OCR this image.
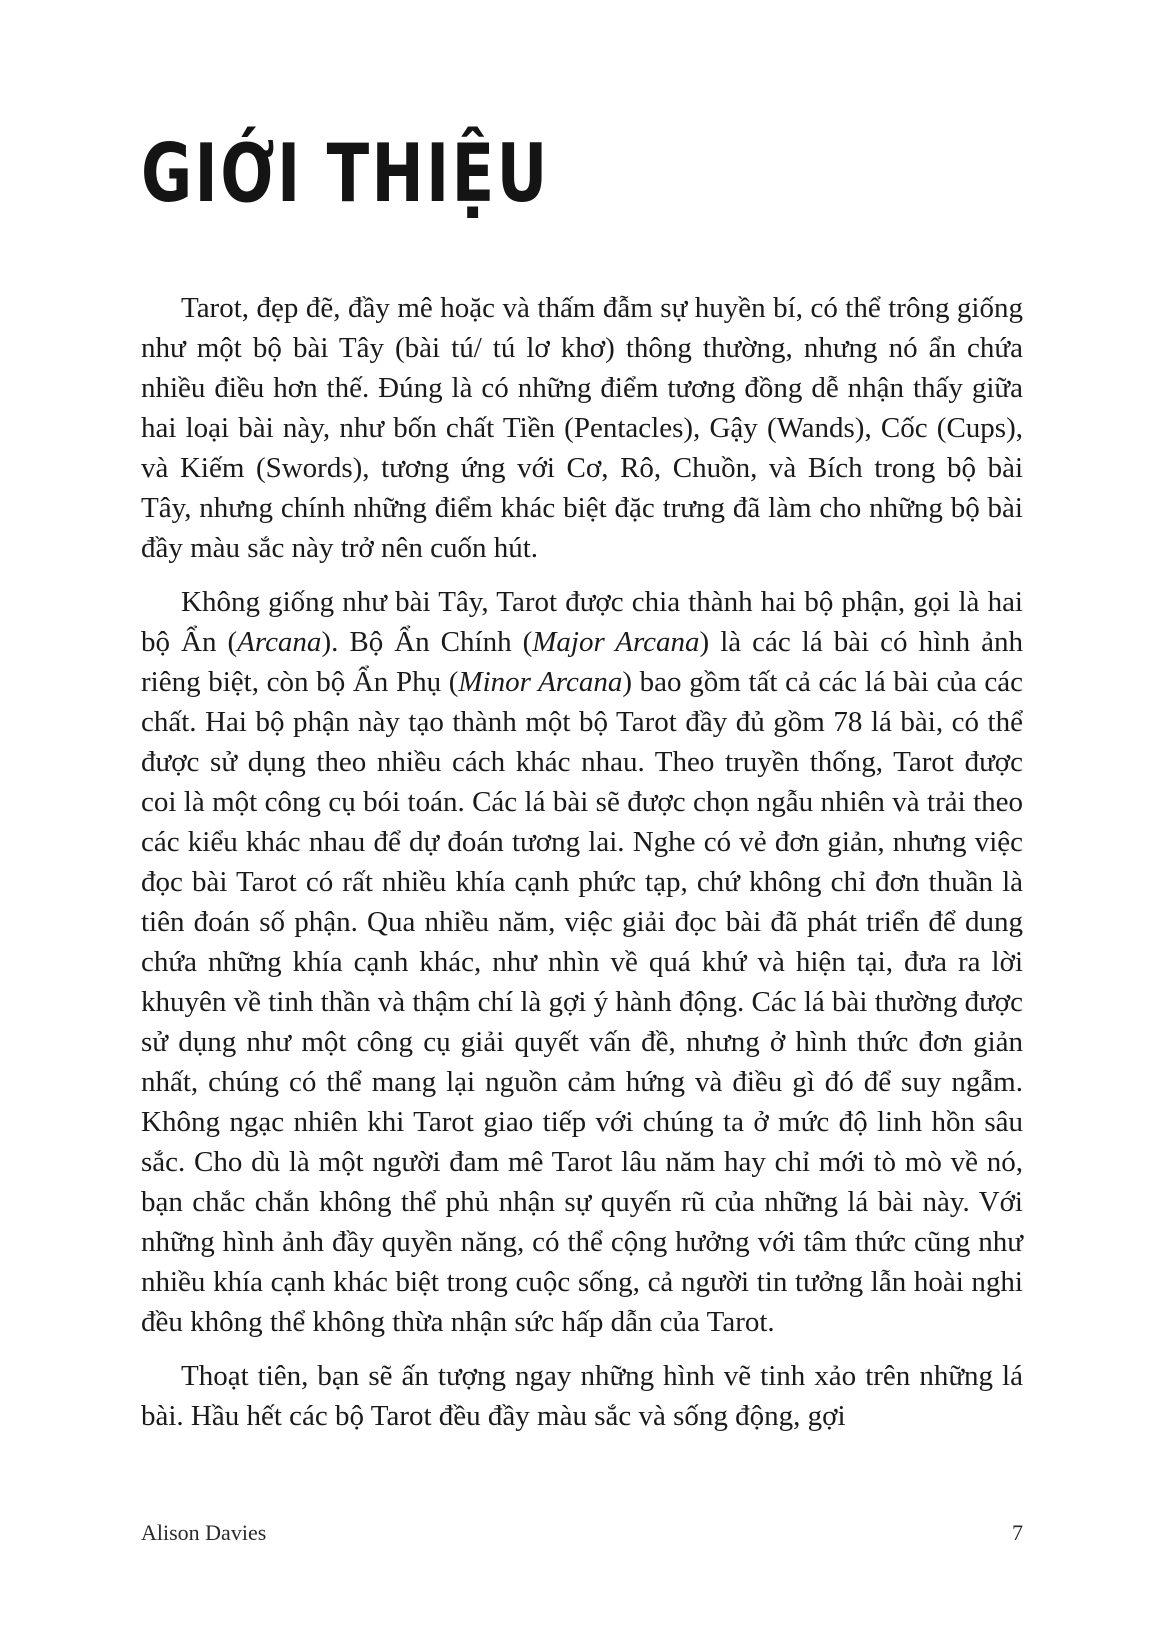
GIỚI THIỆU

Tarot, đẹp đẽ, đầy mê hoặc và thấm đẫm sự huyền bí, có thể trông giống như một bộ bài Tây (bài tú/ tú lơ khơ) thông thường, nhưng nó ẩn chứa nhiều điều hơn thế. Đúng là có những điểm tương đồng dễ nhận thấy giữa hai loại bài này, như bốn chất Tiền (Pentacles), Gậy (Wands), Cốc (Cups), và Kiếm (Swords), tương ứng với Cơ, Rô, Chuồn, và Bích trong bộ bài Tây, nhưng chính những điểm khác biệt đặc trưng đã làm cho những bộ bài đầy màu sắc này trở nên cuốn hút.

Không giống như bài Tây, Tarot được chia thành hai bộ phận, gọi là hai bộ Ẩn (Arcana). Bộ Ẩn Chính (Major Arcana) là các lá bài có hình ảnh riêng biệt, còn bộ Ẩn Phụ (Minor Arcana) bao gồm tất cả các lá bài của các chất. Hai bộ phận này tạo thành một bộ Tarot đầy đủ gồm 78 lá bài, có thể được sử dụng theo nhiều cách khác nhau. Theo truyền thống, Tarot được coi là một công cụ bói toán. Các lá bài sẽ được chọn ngẫu nhiên và trải theo các kiểu khác nhau để dự đoán tương lai. Nghe có vẻ đơn giản, nhưng việc đọc bài Tarot có rất nhiều khía cạnh phức tạp, chứ không chỉ đơn thuần là tiên đoán số phận. Qua nhiều năm, việc giải đọc bài đã phát triển để dung chứa những khía cạnh khác, như nhìn về quá khứ và hiện tại, đưa ra lời khuyên về tinh thần và thậm chí là gợi ý hành động. Các lá bài thường được sử dụng như một công cụ giải quyết vấn đề, nhưng ở hình thức đơn giản nhất, chúng có thể mang lại nguồn cảm hứng và điều gì đó để suy ngẫm. Không ngạc nhiên khi Tarot giao tiếp với chúng ta ở mức độ linh hồn sâu sắc. Cho dù là một người đam mê Tarot lâu năm hay chỉ mới tò mò về nó, bạn chắc chắn không thể phủ nhận sự quyến rũ của những lá bài này. Với những hình ảnh đầy quyền năng, có thể cộng hưởng với tâm thức cũng như nhiều khía cạnh khác biệt trong cuộc sống, cả người tin tưởng lẫn hoài nghi đều không thể không thừa nhận sức hấp dẫn của Tarot.

Thoạt tiên, bạn sẽ ấn tượng ngay những hình vẽ tinh xảo trên những lá bài. Hầu hết các bộ Tarot đều đầy màu sắc và sống động, gợi

Alison Davies	7
